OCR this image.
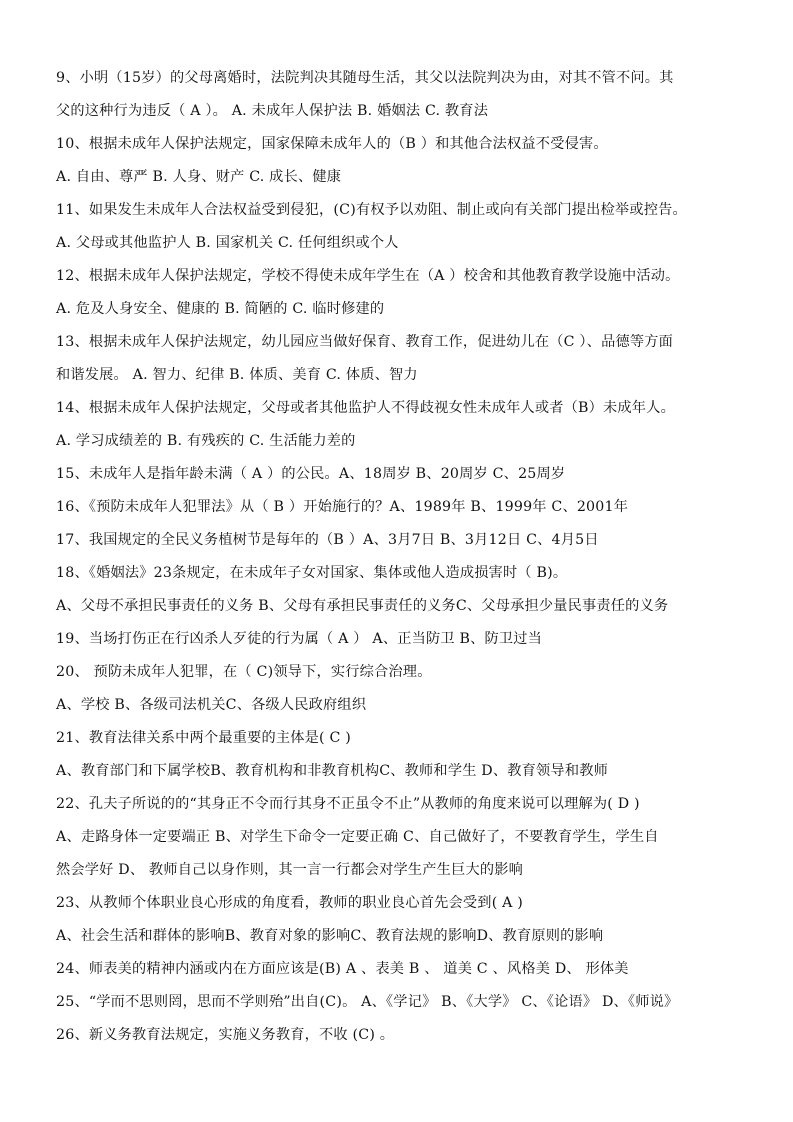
9、小明（15岁）的父母离婚时，法院判决其随母生活，其父以法院判决为由，对其不管不问。其
父的这种行为违反（ A ）。 A. 未成年人保护法 B. 婚姻法 C. 教育法
10、根据未成年人保护法规定，国家保障未成年人的（B ）和其他合法权益不受侵害。
A. 自由、尊严 B. 人身、财产 C. 成长、健康
11、如果发生未成年人合法权益受到侵犯，(C)有权予以劝阻、制止或向有关部门提出检举或控告。
A. 父母或其他监护人 B. 国家机关 C. 任何组织或个人
12、根据未成年人保护法规定，学校不得使未成年学生在（A ）校舍和其他教育教学设施中活动。
A. 危及人身安全、健康的 B. 简陋的 C. 临时修建的
13、根据未成年人保护法规定，幼儿园应当做好保育、教育工作，促进幼儿在（C ）、品德等方面
和谐发展。 A. 智力、纪律 B. 体质、美育 C. 体质、智力
14、根据未成年人保护法规定，父母或者其他监护人不得歧视女性未成年人或者（B）未成年人。
A. 学习成绩差的 B. 有残疾的 C. 生活能力差的
15、未成年人是指年龄未满（ A ）的公民。A、18周岁 B、20周岁 C、25周岁
16、《预防未成年人犯罪法》从（ B ）开始施行的？A、1989年 B、1999年 C、2001年
17、我国规定的全民义务植树节是每年的（B ）A、3月7日 B、3月12日 C、4月5日
18、《婚姻法》23条规定，在未成年子女对国家、集体或他人造成损害时（ B)。
A、父母不承担民事责任的义务 B、父母有承担民事责任的义务C、父母承担少量民事责任的义务
19、当场打伤正在行凶杀人歹徒的行为属（ A ） A、正当防卫 B、防卫过当
20、 预防未成年人犯罪，在（ C)领导下，实行综合治理。
A、学校 B、各级司法机关C、各级人民政府组织
21、教育法律关系中两个最重要的主体是( C )
A、教育部门和下属学校B、教育机构和非教育机构C、教师和学生 D、教育领导和教师
22、孔夫子所说的的“其身正不令而行其身不正虽令不止”从教师的角度来说可以理解为( D )
A、走路身体一定要端正 B、对学生下命令一定要正确 C、自己做好了，不要教育学生，学生自
然会学好 D、 教师自己以身作则，其一言一行都会对学生产生巨大的影响
23、从教师个体职业良心形成的角度看，教师的职业良心首先会受到( A )
A、社会生活和群体的影响B、教育对象的影响C、教育法规的影响D、教育原则的影响
24、师表美的精神内涵或内在方面应该是(B) A 、表美 B 、 道美 C 、风格美 D、 形体美
25、“学而不思则罔，思而不学则殆”出自(C)。 A、《学记》 B、《大学》 C、《论语》 D、《师说》
26、新义务教育法规定，实施义务教育，不收 (C) 。
